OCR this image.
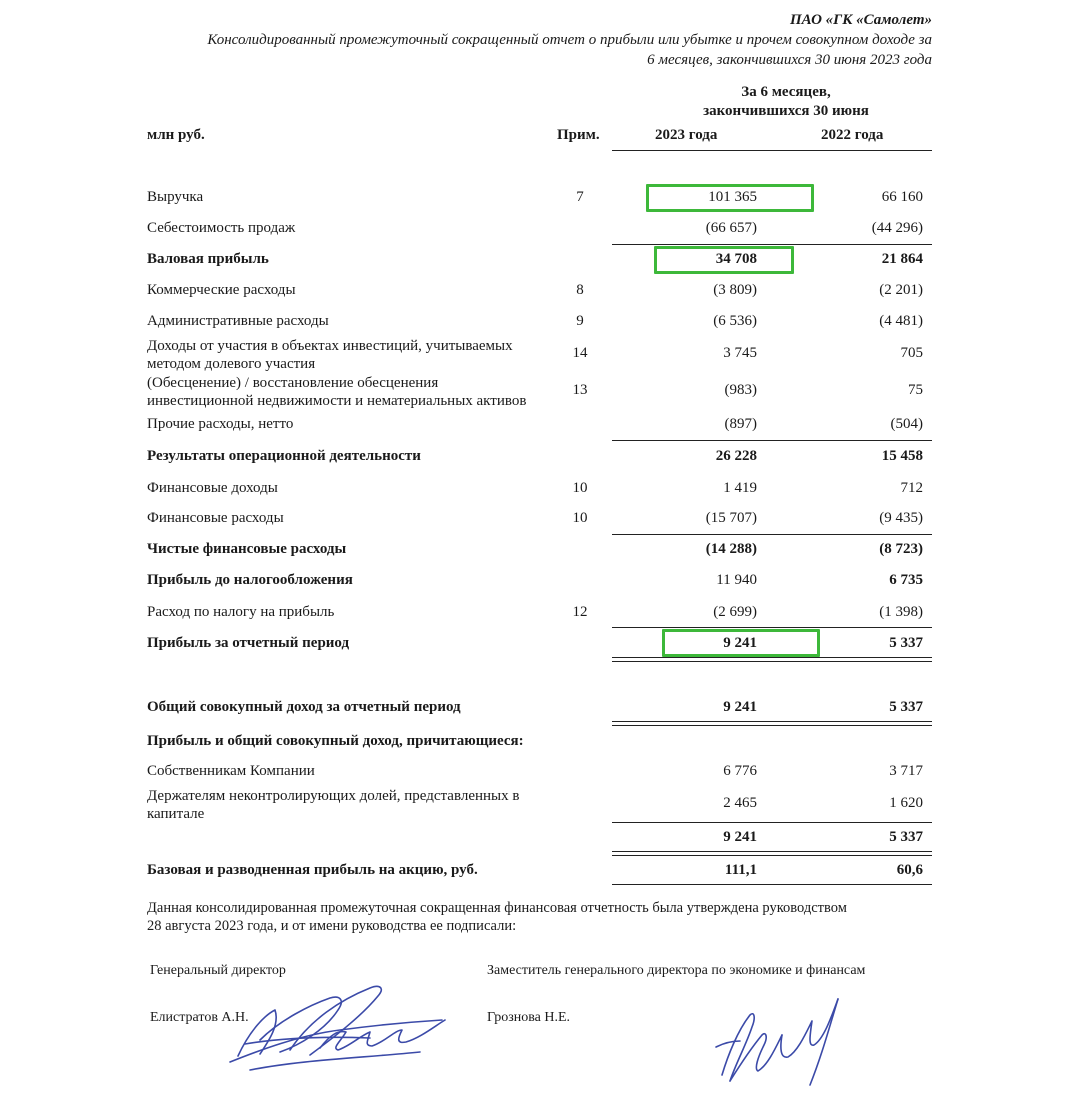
ПАО «ГК «Самолет»
Консолидированный промежуточный сокращенный отчет о прибыли или убытке и прочем совокупном доходе за
6 месяцев, закончившихся 30 июня 2023 года
За 6 месяцев,
закончившихся 30 июня
млн руб.	Прим.	2023 года	2022 года
Выручка	7	101 365	66 160
Себестоимость продаж	(66 657)	(44 296)
Валовая прибыль	34 708	21 864
Коммерческие расходы	8	(3 809)	(2 201)
Административные расходы	9	(6 536)	(4 481)
Доходы от участия в объектах инвестиций, учитываемых
методом долевого участия
14	3 745	705
(Обесценение) / восстановление обесценения
инвестиционной недвижимости и нематериальных активов
13	(983)	75
Прочие расходы, нетто	(897)	(504)
Результаты операционной деятельности	26 228	15 458
Финансовые доходы	10	1 419	712
Финансовые расходы	10	(15 707)	(9 435)
Чистые финансовые расходы	(14 288)	(8 723)
Прибыль до налогообложения	11 940	6 735
Расход по налогу на прибыль	12	(2 699)	(1 398)
Прибыль за отчетный период	9 241	5 337
Общий совокупный доход за отчетный период	9 241	5 337
Прибыль и общий совокупный доход, причитающиеся:
Собственникам Компании	6 776	3 717
Держателям неконтролирующих долей, представленных в
капитале
2 465	1 620
9 241	5 337
Базовая и разводненная прибыль на акцию, руб.	111,1	60,6
Данная консолидированная промежуточная сокращенная финансовая отчетность была утверждена руководством
28 августа 2023 года, и от имени руководства ее подписали:
Генеральный директор	Заместитель генерального директора по экономике и финансам
Елистратов А.Н.	Грознова Н.Е.
